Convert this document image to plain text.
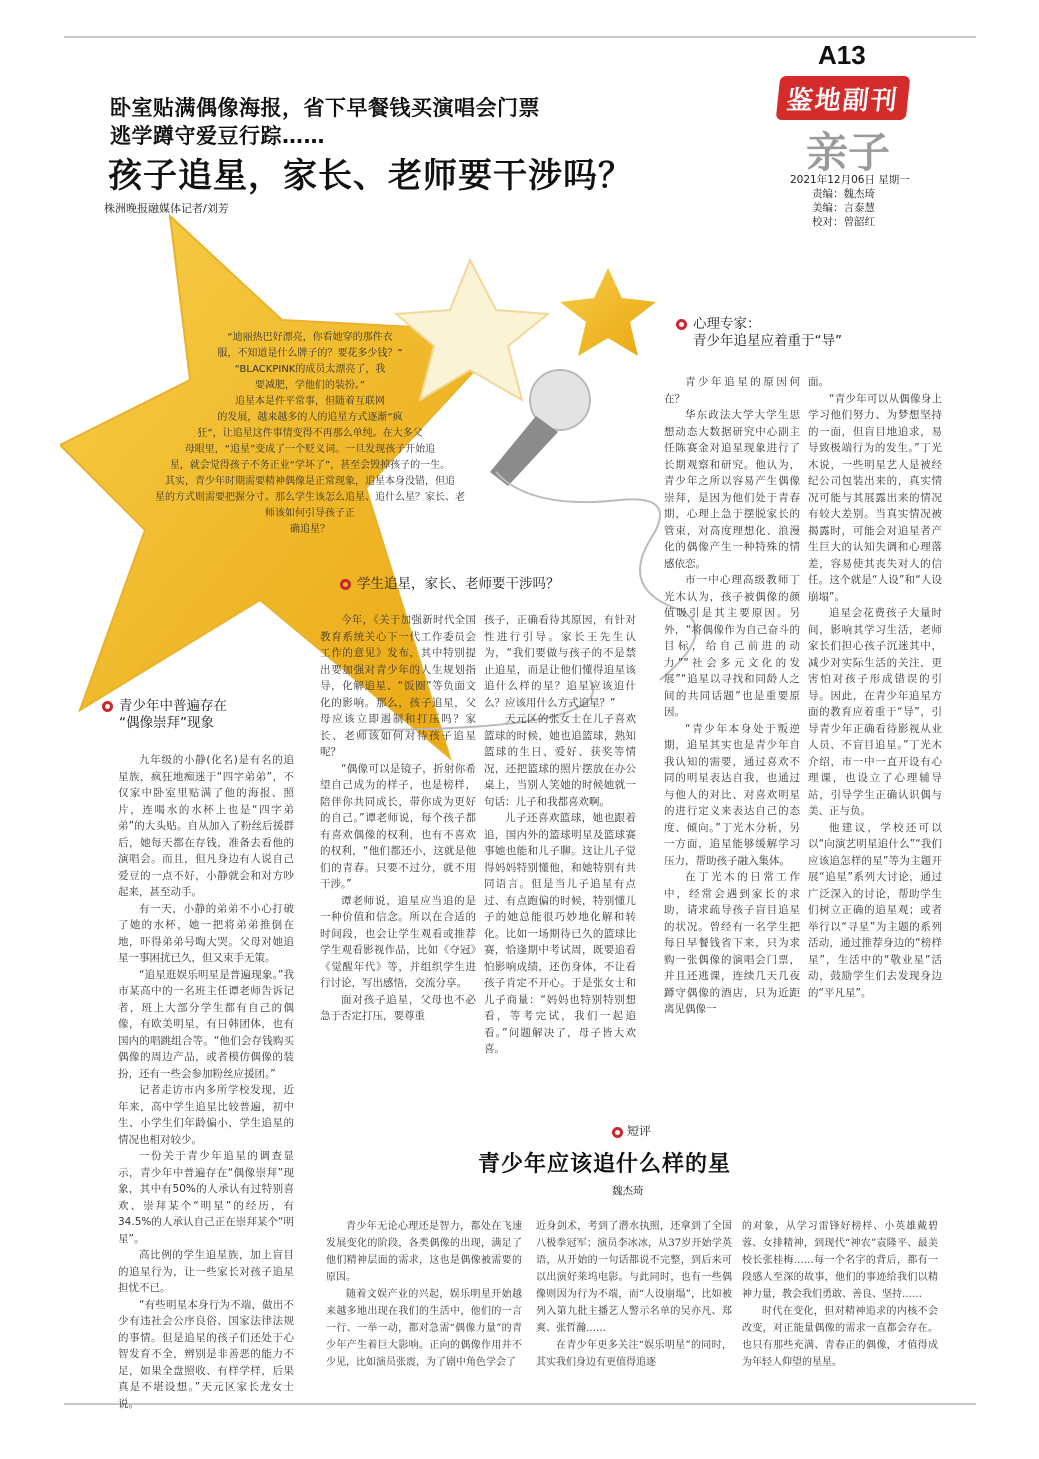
A13
鉴地副刊
亲子
2021年12月06日 星期一
责编：魏杰琦
美编：言泰慧
校对：曾韶红
卧室贴满偶像海报，省下早餐钱买演唱会门票
逃学蹲守爱豆行踪……
孩子追星，家长、老师要干涉吗？
株洲晚报融媒体记者/刘芳
“迪丽热巴好漂亮，你看她穿的那件衣
服，不知道是什么牌子的？要花多少钱？”
“BLACKPINK的成员太漂亮了，我
要减肥，学他们的装扮。”
追星本是件平常事，但随着互联网
的发展，越来越多的人的追星方式逐渐“疯
狂”，让追星这件事情变得不再那么单纯。在大多父
母眼里，“追星”变成了一个贬义词。一旦发现孩子开始追
星，就会觉得孩子不务正业“学坏了”，甚至会毁掉孩子的一生。
其实，青少年时期需要精神偶像是正常现象，追星本身没错，但追
星的方式则需要把握分寸。那么学生该怎么追星、追什么星？家长、老
师该如何引导孩子正
确追星？
青少年中普遍存在
“偶像崇拜”现象

九年级的小静(化名)是有名的追星族，疯狂地痴迷于“四字弟弟”，不仅家中卧室里贴满了他的海报、照片，连喝水的水杯上也是“四字弟弟”的大头贴。自从加入了粉丝后援群后，她每天都在存钱，准备去看他的演唱会。而且，但凡身边有人说自己爱豆的一点不好，小静就会和对方吵起来，甚至动手。

有一天，小静的弟弟不小心打破了她的水杯，她一把将弟弟推倒在地，吓得弟弟号啕大哭。父母对她追星一事困扰已久，但又束手无策。

“追星逛娱乐明星是普遍现象。”我市某高中的一名班主任谭老师告诉记者，班上大部分学生都有自己的偶像，有欧美明星，有日韩团体，也有国内的唱跳组合等。“他们会存钱购买偶像的周边产品，或者模仿偶像的装扮，还有一些会参加粉丝应援团。”

记者走访市内多所学校发现，近年来，高中学生追星比较普遍，初中生、小学生们年龄偏小，学生追星的情况也相对较少。

一份关于青少年追星的调查显示，青少年中普遍存在“偶像崇拜”现象，其中有50%的人承认有过特别喜欢、崇拜某个“明星”的经历，有34.5%的人承认自己正在崇拜某个“明星”。

高比例的学生追星族，加上盲目的追星行为，让一些家长对孩子追星担忧不已。

“有些明星本身行为不端，做出不少有违社会公序良俗、国家法律法规的事情。但是追星的孩子们还处于心智发育不全，辨别是非善恶的能力不足，如果全盘照收、有样学样，后果真是不堪设想。”天元区家长龙女士说。

学生追星，家长、老师要干涉吗？

今年，《关于加强新时代全国教育系统关心下一代工作委员会工作的意见》发布，其中特别提出要加强对青少年的人生规划指导，化解追星、“饭圈”等负面文化的影响。那么，孩子追星，父母应该立即遏制和打压吗？家长、老师该如何对待孩子追星呢？

“偶像可以是镜子，折射你希望自己成为的样子，也是榜样，陪伴你共同成长，带你成为更好的自己。”谭老师说，每个孩子都有喜欢偶像的权利，也有不喜欢的权利，“他们都还小，这就是他们的青春。只要不过分，就不用干涉。”

谭老师说，追星应当追的是一种价值和信念。所以在合适的时间段，也会让学生观看或推荐学生观看影视作品，比如《夺冠》《觉醒年代》等，并组织学生进行讨论，写出感悟，交流分享。

面对孩子追星，父母也不必急于否定打压，要尊重

孩子，正确看待其原因，有针对性进行引导。家长王先生认为，“我们要做与孩子的不是禁止追星，而是让他们懂得追星该追什么样的星？追星应该追什么？应该用什么方式追星？”

天元区的张女士在儿子喜欢篮球的时候，她也追篮球，熟知篮球的生日、爱好、获奖等情况，还把篮球的照片摆放在办公桌上，当别人笑她的时候她就一句话：儿子和我都喜欢啊。

儿子还喜欢篮球，她也跟着追，国内外的篮球明星及篮球赛事她也能和儿子聊。这让儿子觉得妈妈特别懂他，和她特别有共同语言。但是当儿子追星有点过、有点跑偏的时候，特别懂儿子的她总能很巧妙地化解和转化。比如一场期待已久的篮球比赛，恰逢期中考试周，既要追看怕影响成绩，还伤身体，不让看孩子肯定不开心。于是张女士和儿子商量：“妈妈也特别特别想看，等考完试，我们一起追看。”问题解决了，母子皆大欢喜。

心理专家：
青少年追星应着重于“导”

青少年追星的原因何在？

华东政法大学大学生思想动态大数据研究中心副主任陈赛金对追星现象进行了长期观察和研究。他认为，青少年之所以容易产生偶像崇拜，是因为他们处于青春期，心理上急于摆脱家长的管束，对高度理想化、浪漫化的偶像产生一种特殊的情感依恋。

市一中心理高级教师丁光木认为，孩子被偶像的颜值吸引是其主要原因。另外，“将偶像作为自己奋斗的目标，给自己前进的动力”“社会多元文化的发展”“追星以寻找和同龄人之间的共同话题”也是重要原因。

“青少年本身处于叛逆期，追星其实也是青少年自我认知的需要，通过喜欢不同的明星表达自我，也通过与他人的对比、对喜欢明星的进行定义来表达自己的态度、倾向。”丁光木分析，另一方面，追星能够缓解学习压力，帮助孩子融入集体。

在丁光木的日常工作中，经常会遇到家长的求助，请求疏导孩子盲目追星的状况。曾经有一名学生把每日早餐钱省下来，只为求购一张偶像的演唱会门票，并且还逃课，连续几天几夜蹲守偶像的酒店，只为近距离见偶像一

面。

“青少年可以从偶像身上学习他们努力、为梦想坚持的一面，但盲目地追求，易导致极端行为的发生。”丁光木说，一些明星艺人是被经纪公司包装出来的，真实情况可能与其展露出来的情况有较大差别。当真实情况被揭露时，可能会对追星者产生巨大的认知失调和心理落差，容易使其丧失对人的信任。这个就是“人设”和“人设崩塌”。

追星会花费孩子大量时间，影响其学习生活，老师家长们担心孩子沉迷其中，减少对实际生活的关注，更害怕对孩子形成错误的引导。因此，在青少年追星方面的教育应着重于“导”，引导青少年正确看待影视从业人员、不盲目追星。”丁光木介绍，市一中一直开设有心理课，也设立了心理辅导站，引导学生正确认识偶与美、正与负。

他建议，学校还可以以“向演艺明星追什么”“我们应该追怎样的星”等为主题开展“追星”系列大讨论，通过广泛深入的讨论，帮助学生们树立正确的追星观；或者举行以“寻星”为主题的系列活动，通过推荐身边的“榜样星”，生活中的“敬业星”活动，鼓励学生们去发现身边的“平凡星”。

短评
青少年应该追什么样的星
魏杰琦

青少年无论心理还是智力，都处在飞速发展变化的阶段，各类偶像的出现，满足了他们精神层面的需求，这也是偶像被需要的原因。

随着文娱产业的兴起，娱乐明星开始越来越多地出现在我们的生活中，他们的一言一行、一举一动，都对急需“偶像力量”的青少年产生着巨大影响。正向的偶像作用并不少见，比如演员张震，为了剧中角色学会了

近身剑术，考到了潜水执照，还拿到了全国八极拳冠军；演员李冰冰，从37岁开始学英语，从开始的一句话都说不完整，到后来可以出演好莱坞电影。与此同时，也有一些偶像则因为行为不端，而“人设崩塌”，比如被列入第九批主播艺人警示名单的吴亦凡、郑爽、张哲瀚……

在青少年更多关注“娱乐明星”的同时，其实我们身边有更值得追逐

的对象，从学习雷锋好榜样、小英雄戴碧蓉、女排精神，到现代“神农”袁隆平、最美校长张桂梅……每一个名字的背后，都有一段感人至深的故事，他们的事迹给我们以精神力量，教会我们勇敢、善良、坚持……

时代在变化，但对精神追求的内核不会改变，对正能量偶像的需求一直都会存在。也只有那些充满、青春正的偶像，才值得成为年轻人仰望的星星。
